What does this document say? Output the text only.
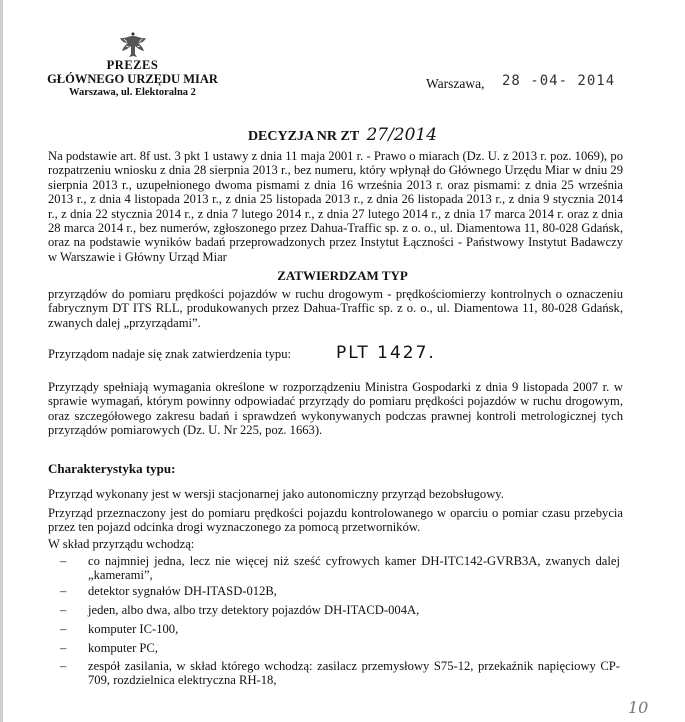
PREZES
GŁÓWNEGO URZĘDU MIAR
Warszawa, ul. Elektoralna 2
Warszawa, 28 -04- 2014
DECYZJA NR ZT 27/2014
Na podstawie art. 8f ust. 3 pkt 1 ustawy z dnia 11 maja 2001 r. - Prawo o miarach (Dz. U. z 2013 r. poz. 1069), po rozpatrzeniu wniosku z dnia 28 sierpnia 2013 r., bez numeru, który wpłynął do Głównego Urzędu Miar w dniu 29 sierpnia 2013 r., uzupełnionego dwoma pismami z dnia 16 września 2013 r. oraz pismami: z dnia 25 września 2013 r., z dnia 4 listopada 2013 r., z dnia 25 listopada 2013 r., z dnia 26 listopada 2013 r., z dnia 9 stycznia 2014 r., z dnia 22 stycznia 2014 r., z dnia 7 lutego 2014 r., z dnia 27 lutego 2014 r., z dnia 17 marca 2014 r. oraz z dnia 28 marca 2014 r., bez numerów, zgłoszonego przez Dahua-Traffic sp. z o. o., ul. Diamentowa 11, 80-028 Gdańsk, oraz na podstawie wyników badań przeprowadzonych przez Instytut Łączności - Państwowy Instytut Badawczy w Warszawie i Główny Urząd Miar
ZATWIERDZAM TYP
przyrządów do pomiaru prędkości pojazdów w ruchu drogowym - prędkościomierzy kontrolnych o oznaczeniu fabrycznym DT ITS RLL, produkowanych przez Dahua-Traffic sp. z o. o., ul. Diamentowa 11, 80-028 Gdańsk, zwanych dalej „przyrządami”.
Przyrządom nadaje się znak zatwierdzenia typu:	PLT 1427.
Przyrządy spełniają wymagania określone w rozporządzeniu Ministra Gospodarki z dnia 9 listopada 2007 r. w sprawie wymagań, którym powinny odpowiadać przyrządy do pomiaru prędkości pojazdów w ruchu drogowym, oraz szczegółowego zakresu badań i sprawdzeń wykonywanych podczas prawnej kontroli metrologicznej tych przyrządów pomiarowych (Dz. U. Nr 225, poz. 1663).
Charakterystyka typu:
Przyrząd wykonany jest w wersji stacjonarnej jako autonomiczny przyrząd bezobsługowy.
Przyrząd przeznaczony jest do pomiaru prędkości pojazdu kontrolowanego w oparciu o pomiar czasu przebycia przez ten pojazd odcinka drogi wyznaczonego za pomocą przetworników.
W skład przyrządu wchodzą:
– co najmniej jedna, lecz nie więcej niż sześć cyfrowych kamer DH-ITC142-GVRB3A, zwanych dalej „kamerami”,
– detektor sygnałów DH-ITASD-012B,
– jeden, albo dwa, albo trzy detektory pojazdów DH-ITACD-004A,
– komputer IC-100,
– komputer PC,
– zespół zasilania, w skład którego wchodzą: zasilacz przemysłowy S75-12, przekaźnik napięciowy CP-709, rozdzielnica elektryczna RH-18,
10
